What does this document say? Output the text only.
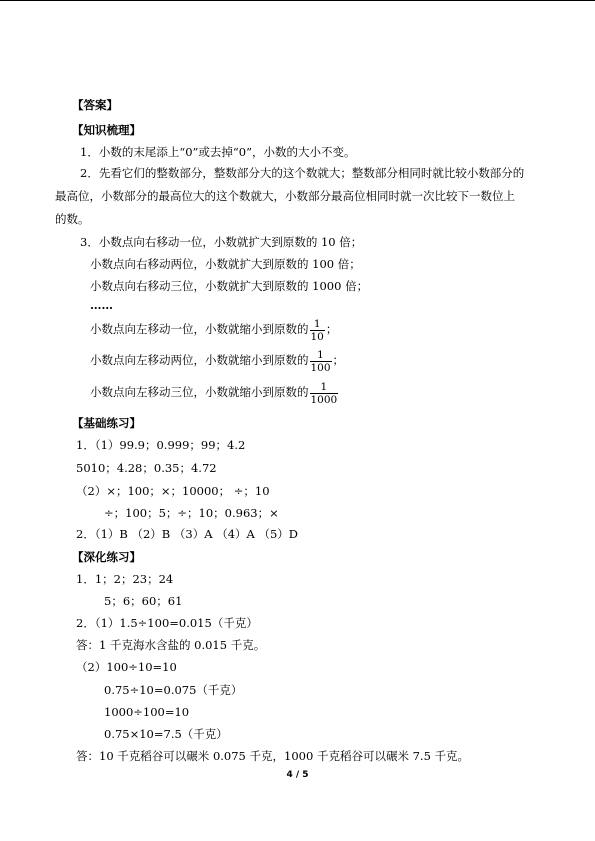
【答案】
【知识梳理】
1．小数的末尾添上“0”或去掉“0”，小数的大小不变。
2．先看它们的整数部分，整数部分大的这个数就大；整数部分相同时就比较小数部分的
最高位，小数部分的最高位大的这个数就大，小数部分最高位相同时就一次比较下一数位上
的数。
3．小数点向右移动一位，小数就扩大到原数的 10 倍；
小数点向右移动两位，小数就扩大到原数的 100 倍；
小数点向右移动三位，小数就扩大到原数的 1000 倍；
……
小数点向左移动一位，小数就缩小到原数的 $\frac{1}{10}$ ；
小数点向左移动两位，小数就缩小到原数的 $\frac{1}{100}$ ；
小数点向左移动三位，小数就缩小到原数的 $\frac{1}{1000}$
【基础练习】
1．（1）99.9；0.999；99；4.2
5010；4.28；0.35；4.72
（2）×；100；×；10000； ÷；10
÷；100；5；÷；10；0.963；×
2．（1）B （2）B （3）A （4）A （5）D
【深化练习】
1．1；2；23；24
5；6；60；61
2．（1）1.5÷100=0.015（千克）
答：1 千克海水含盐的 0.015 千克。
（2）100÷10=10
0.75÷10=0.075（千克）
1000÷100=10
0.75×10=7.5（千克）
答：10 千克稻谷可以碾米 0.075 千克，1000 千克稻谷可以碾米 7.5 千克。
4 / 5
